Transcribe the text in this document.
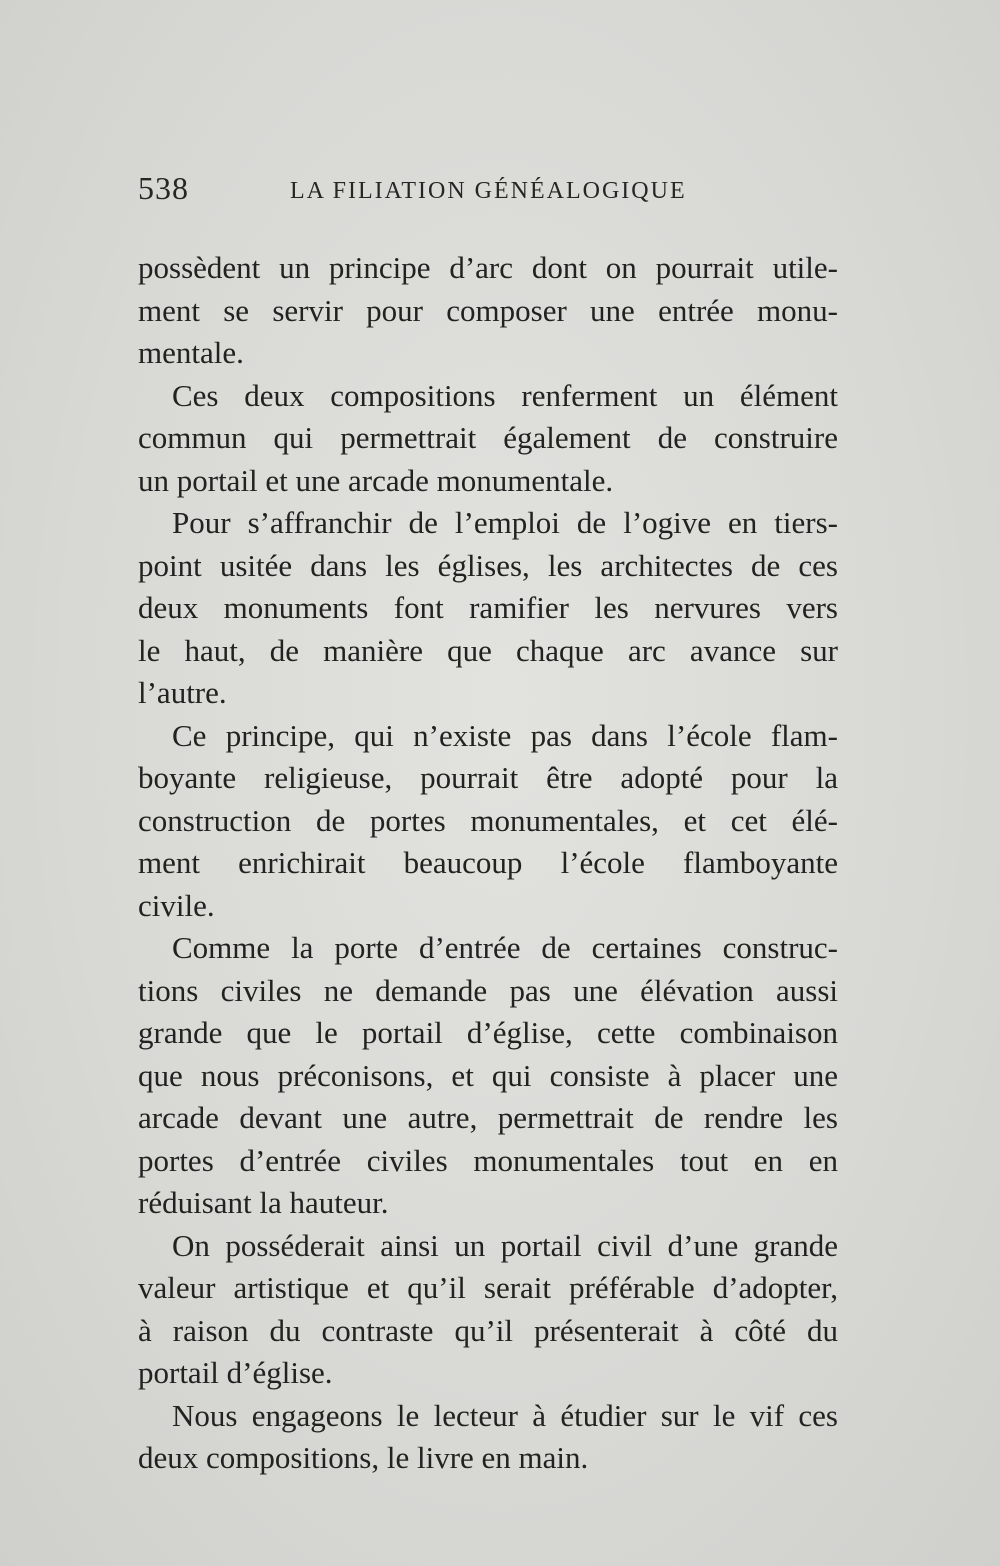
538	LA FILIATION GÉNÉALOGIQUE
possèdent un principe d’arc dont on pourrait utile-
ment se servir pour composer une entrée monu-
mentale.
Ces deux compositions renferment un élément
commun qui permettrait également de construire
un portail et une arcade monumentale.
Pour s’affranchir de l’emploi de l’ogive en tiers-
point usitée dans les églises, les architectes de ces
deux monuments font ramifier les nervures vers
le haut, de manière que chaque arc avance sur
l’autre.
Ce principe, qui n’existe pas dans l’école flam-
boyante religieuse, pourrait être adopté pour la
construction de portes monumentales, et cet élé-
ment enrichirait beaucoup l’école flamboyante
civile.
Comme la porte d’entrée de certaines construc-
tions civiles ne demande pas une élévation aussi
grande que le portail d’église, cette combinaison
que nous préconisons, et qui consiste à placer une
arcade devant une autre, permettrait de rendre les
portes d’entrée civiles monumentales tout en en
réduisant la hauteur.
On posséderait ainsi un portail civil d’une grande
valeur artistique et qu’il serait préférable d’adopter,
à raison du contraste qu’il présenterait à côté du
portail d’église.
Nous engageons le lecteur à étudier sur le vif ces
deux compositions, le livre en main.
